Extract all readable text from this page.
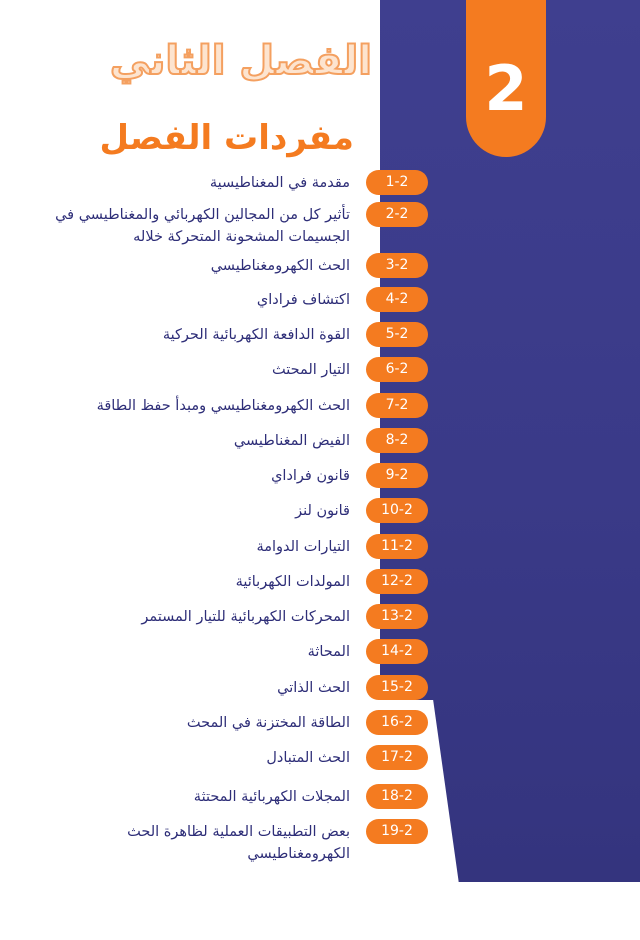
2
الفصل الثاني
مفردات الفصل
1-2
مقدمة في المغناطيسية
2-2
تأثير كل من المجالين الكهربائي والمغناطيسي في الجسيمات المشحونة المتحركة خلاله
3-2
الحث الكهرومغناطيسي
4-2
اكتشاف فراداي
5-2
القوة الدافعة الكهربائية الحركية
6-2
التيار المحتث
7-2
الحث الكهرومغناطيسي ومبدأ حفظ الطاقة
8-2
الفيض المغناطيسي
9-2
قانون فراداي
10-2
قانون لنز
11-2
التيارات الدوامة
12-2
المولدات الكهربائية
13-2
المحركات الكهربائية للتيار المستمر
14-2
المحاثة
15-2
الحث الذاتي
16-2
الطاقة المختزنة في المحث
17-2
الحث المتبادل
18-2
المجلات الكهربائية المحتثة
19-2
بعض التطبيقات العملية لظاهرة الحث الكهرومغناطيسي
